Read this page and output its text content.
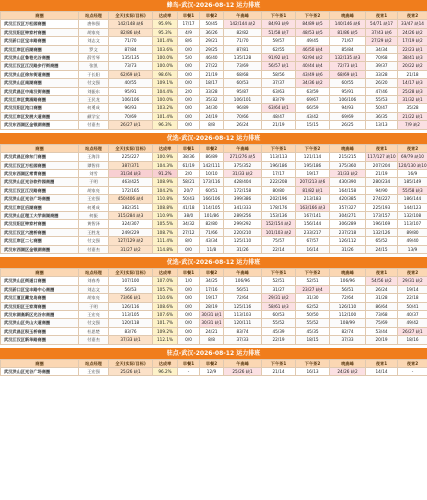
蜂鸟-武汉-2026-08-12 运力排班
商圈	站点经理	全天(实际/目标)	达成率	早餐1	早餐2	午高峰	下午茶1	下午茶2	晚高峰	夜宵1	夜宵2
武汉江汉区万松园商圈	唐伟强	142/148 缺6	95.9%	17/17	50/45	142/144 缺2	84/93 缺9	84/89 缺5	140/146 缺6	54/71 缺17	33/47 缺14
武汉汉阳区钟家村商圈	胡家亮	82/86 缺4	95.3%	4/9	36/26	82/82	51/58 缺7	48/53 缺5	81/86 缺5	37/43 缺6	24/26 缺2
武汉硚口区宝丰路商圈	刘志文	71/70	101.4%	8/6	29/21	71/70	59/57	49/45	71/67	27/29 缺2	17/19 缺2
武汉江岸区后湖商圈	罗文	87/84	103.6%	0/0	29/25	87/81	62/55	46/50 缺4	85/84	34/34	22/23 缺1
武汉洪山区鲁巷光谷商圈	薛雪琴	135/135	100.0%	5/0	46/40	135/128	91/92 缺1	92/94 缺2	132/135 缺3	70/68	38/41 缺3
武汉江汉区江汉路步行街商圈	张凯	73/73	100.0%	0/0	27/22	73/69	56/57 缺1	40/44 缺4	72/73 缺1	39/37	20/22 缺2
武汉洪山区徐东街道商圈	于长阳	62/69 缺1	98.6%	0/0	21/19	68/68	58/56	43/49 缺6	68/69 缺1	33/28	21/18
武汉洪山区南湖商圈	付文强	40/55	109.1%	0/0	18/17	60/53	37/37	34/36 缺2	60/55	26/20	14/17 缺3
武汉武昌区中南汉街商圈	刘振东	95/91	104.4%	2/0	33/28	95/87	63/63	63/59	95/91	47/46	25/28 缺3
武汉江岸区黄浦路商圈	王民龙	106/106	100.0%	0/0	35/32	106/101	83/79	69/67	106/106	55/53	31/32 缺1
武汉汉阳区沌口商圈	何勇成	96/93	103.2%	0/0	34/30	96/89	63/64 缺1	66/59	94/93	50/47	35/28
武汉江岸区发展大道商圈	颜学宝	70/69	101.4%	0/0	24/19	70/66	48/47	43/42	69/69	36/35	21/22 缺1
武汉东西湖区金银湖商圈	付嘉杰	26/27 缺1	96.3%	0/0	8/8	26/24	21/19	15/15	26/25	13/13	7/9 缺2
优选-武汉-2026-08-12 运力排班
商圈	站点经理	全天(实际/目标)	达成率	早餐1	早餐2	午高峰	下午茶1	下午茶2	晚高峰	夜宵1	夜宵2
武汉武昌区徐东门商圈	王海洋	225/227	100.9%	38/36	86/89	271/276 缺5	113/113	121/114	215/215	117/127 缺10	69/79 缺10
武汉江汉区万松园商圈	谭智祥	387/371	104.3%	61/19	142/111	375/352	196/186	195/186	375/360	207/204	120/130 缺10
武汉东西湖区常青商圈	刘雪	31/34 缺3	91.2%	2/0	10/10	31/33 缺2	17/17	19/17	31/33 缺2	21/19	16/9
武汉洪山区光谷软件园商圈	于明	463/425	108.9%	58/21	173/116	428/404	222/208	207/213 缺6	430/390	280/234	185/149
武汉江汉区江汉路商圈	胡家亮	172/165	104.2%	20/7	60/51	172/158	80/80	81/82 缺1	164/158	94/90	55/58 缺3
武汉洪山区光谷广场商圈	王宏强	450/406 缺4	110.8%	50/43	166/106	399/386	202/196	213/183	420/385	274/227	186/144
武汉江岸区后湖商圈	何勇成	382/351	108.8%	41/18	114/105	341/333	178/176	163/166 缺3	357/327	225/193	144/123
武汉洪山区理工大学南湖商圈	何振	315/284 缺3	110.9%	38/0	101/86	289/256	153/136	167/141	304/271	173/157	132/108
武汉汉阳区钟家村商圈	黄智泽	324/307	105.5%	34/32	82/80	299/292	152/154 缺2	156/144	306/289	196/169	113/107
武汉江汉区六渡桥商圈	王胜龙	249/229	108.7%	27/12	71/66	220/210	101/103 缺2	233/217	237/218	132/126	89/80
武汉江岸区二七商圈	付文强	127/129 缺2	111.4%	8/0	43/34	125/110	75/57	67/57	126/112	65/52	49/40
武汉东西湖区金银湖商圈	付嘉杰	31/27 缺2	114.8%	0/0	11/8	31/26	22/14	16/14	31/26	24/15	13/9
优选-武汉-2026-08-12 运力排班
商圈	站点经理	全天(实际/目标)	达成率	早餐1	早餐2	午高峰	下午茶1	下午茶2	晚高峰	夜宵1	夜宵2
武汉洪山区街道口商圈	刘春秀	107/100	107.0%	1/0	34/25	106/96	52/51	52/51	106/96	54/56 缺2	29/31 缺2
武汉硚口区宝丰路中心商圈	刘志文	56/53	105.7%	0/0	17/16	56/51	31/27	23/27 缺4	56/51	26/24	19/14
武汉江夏区藏龙岛商圈	胡家亮	73/66 缺1	110.6%	0/0	19/17	72/64	29/31 缺2	31/30	72/64	31/28	22/18
武汉汉阳区王家湾商圈	于明	126/116	108.6%	0/0	28/19	125/116	58/61 缺3	62/52	126/110	86/64	50/41
武汉东湖高新区光谷东商圈	王宏亮	113/105	107.6%	0/0	30/31 缺1	113/103	60/53	50/50	112/100	73/68	40/37
武汉洪山区关山大道商圈	付文强	120/118	101.7%	0/0	30/31 缺1	120/111	55/52	55/52	108/99	75/69	49/42
武汉武昌区积玉桥商圈	杜思楚	83/76	109.2%	0/0	24/21	83/74	45/39	45/35	82/74	53/44	26/27 缺1
武汉江汉区新华路商圈	付嘉杰	37/33 缺1	112.1%	0/0	8/8	37/33	22/19	18/15	37/33	20/19	18/16
驻点-武汉-2026-08-12 运力排班
商圈	站点经理	全天(实际/目标)	达成率	早餐1	早餐2	午高峰	下午茶1	下午茶2	晚高峰	夜宵1	夜宵2
武汉洪山区光谷广场商圈	王宏强	25/26 缺1	96.2%	-	12/9	25/26 缺1	21/14	16/13	24/26 缺2	14/14	-
